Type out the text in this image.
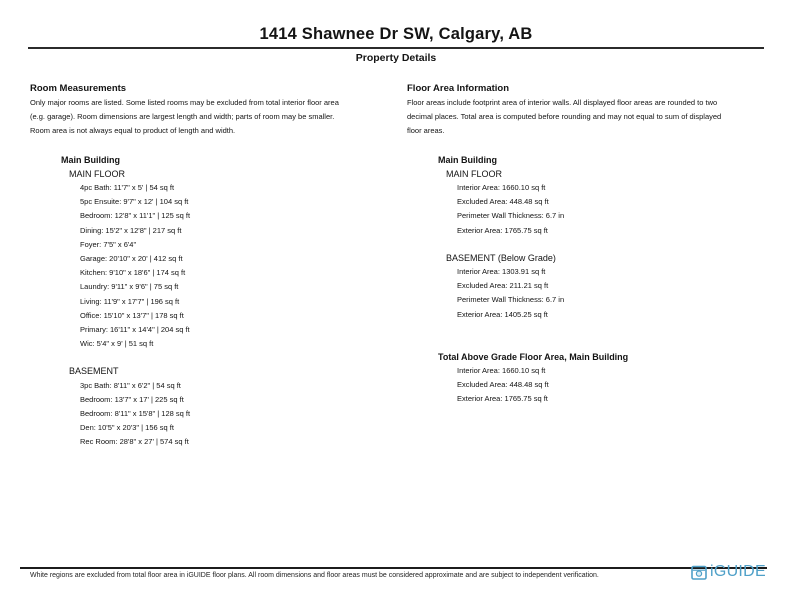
1414 Shawnee Dr SW, Calgary, AB
Property Details
Room Measurements
Only major rooms are listed. Some listed rooms may be excluded from total interior floor area
(e.g. garage). Room dimensions are largest length and width; parts of room may be smaller.
Room area is not always equal to product of length and width.
Main Building
MAIN FLOOR
4pc Bath: 11'7" x 5' | 54 sq ft
5pc Ensuite: 9'7" x 12' | 104 sq ft
Bedroom: 12'8" x 11'1" | 125 sq ft
Dining: 15'2" x 12'8" | 217 sq ft
Foyer: 7'5" x 6'4"
Garage: 20'10" x 20' | 412 sq ft
Kitchen: 9'10" x 18'6" | 174 sq ft
Laundry: 9'11" x 9'6" | 75 sq ft
Living: 11'9" x 17'7" | 196 sq ft
Office: 15'10" x 13'7" | 178 sq ft
Primary: 16'11" x 14'4" | 204 sq ft
Wic: 5'4" x 9' | 51 sq ft
BASEMENT
3pc Bath: 8'11" x 6'2" | 54 sq ft
Bedroom: 13'7" x 17' | 225 sq ft
Bedroom: 8'11" x 15'8" | 128 sq ft
Den: 10'5" x 20'3" | 156 sq ft
Rec Room: 28'8" x 27' | 574 sq ft
Floor Area Information
Floor areas include footprint area of interior walls. All displayed floor areas are rounded to two
decimal places. Total area is computed before rounding and may not equal to sum of displayed
floor areas.
Main Building
MAIN FLOOR
Interior Area: 1660.10 sq ft
Excluded Area: 448.48 sq ft
Perimeter Wall Thickness: 6.7 in
Exterior Area: 1765.75 sq ft
BASEMENT (Below Grade)
Interior Area: 1303.91 sq ft
Excluded Area: 211.21 sq ft
Perimeter Wall Thickness: 6.7 in
Exterior Area: 1405.25 sq ft
Total Above Grade Floor Area, Main Building
Interior Area: 1660.10 sq ft
Excluded Area: 448.48 sq ft
Exterior Area: 1765.75 sq ft
White regions are excluded from total floor area in iGUIDE floor plans. All room dimensions and floor areas must be considered approximate and are subject to independent verification.	iGUIDE
